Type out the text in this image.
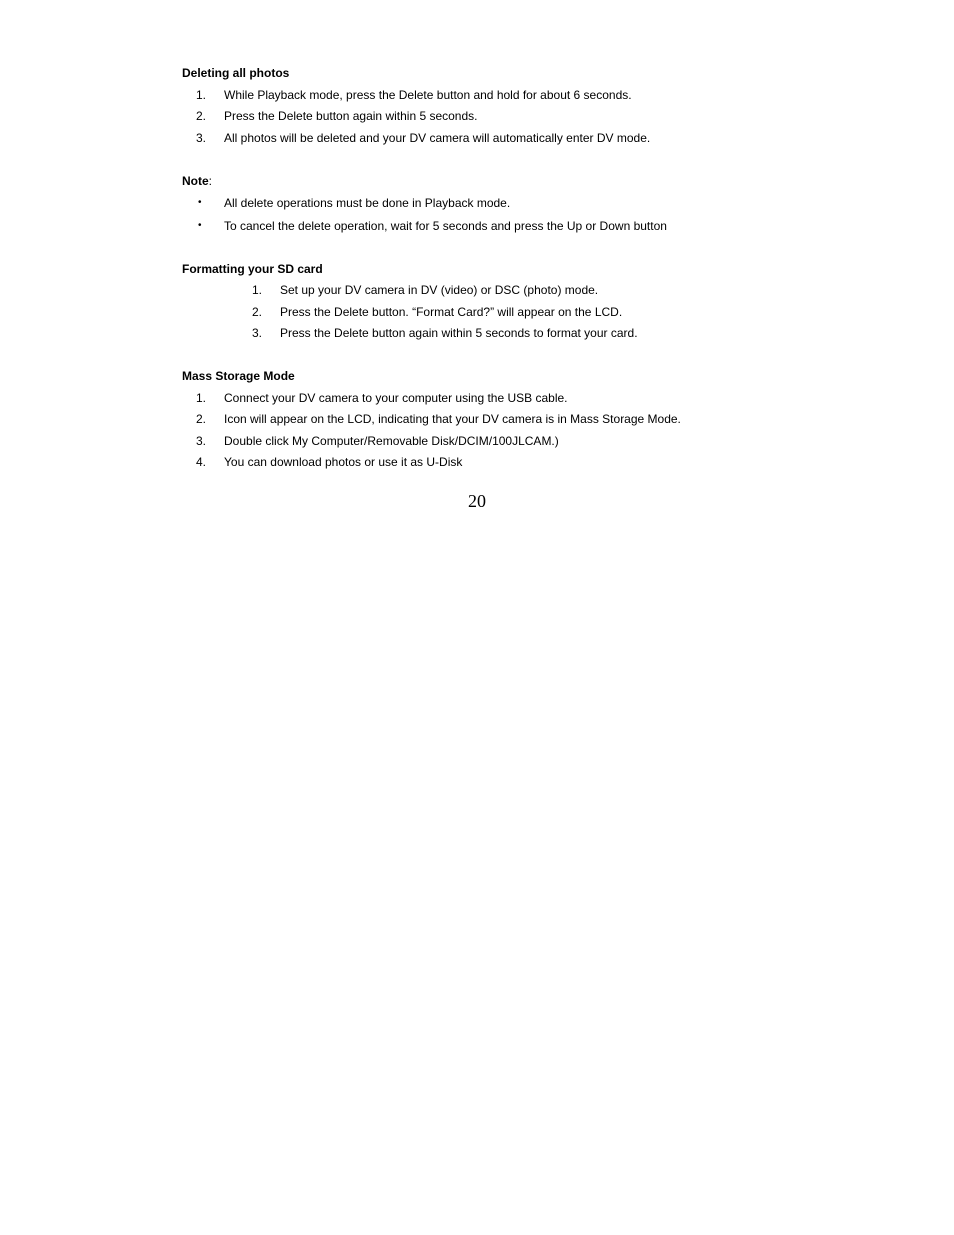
Deleting all photos
1. While Playback mode, press the Delete button and hold for about 6 seconds.
2. Press the Delete button again within 5 seconds.
3. All photos will be deleted and your DV camera will automatically enter DV mode.
Note:
• All delete operations must be done in Playback mode.
• To cancel the delete operation, wait for 5 seconds and press the Up or Down button
Formatting your SD card
1. Set up your DV camera in DV (video) or DSC (photo) mode.
2. Press the Delete button. “Format Card?” will appear on the LCD.
3. Press the Delete button again within 5 seconds to format your card.
Mass Storage Mode
1. Connect your DV camera to your computer using the USB cable.
2. Icon will appear on the LCD, indicating that your DV camera is in Mass Storage Mode.
3. Double click My Computer/Removable Disk/DCIM/100JLCAM.)
4. You can download photos or use it as U-Disk
20
